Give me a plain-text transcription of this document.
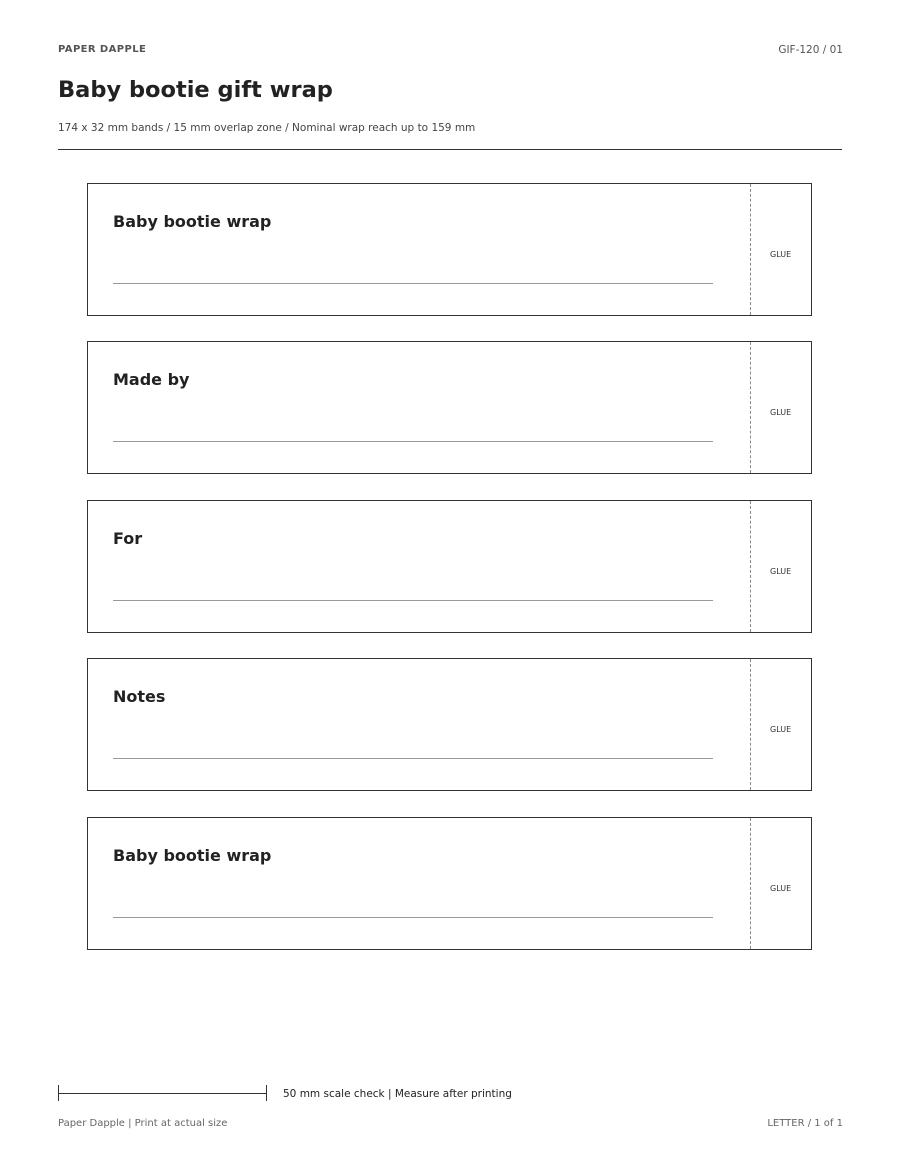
PAPER DAPPLE	GIF-120 / 01
Baby bootie gift wrap
174 x 32 mm bands / 15 mm overlap zone / Nominal wrap reach up to 159 mm
Baby bootie wrap
GLUE
Made by
GLUE
For
GLUE
Notes
GLUE
Baby bootie wrap
GLUE
50 mm scale check | Measure after printing
Paper Dapple | Print at actual size	LETTER / 1 of 1
